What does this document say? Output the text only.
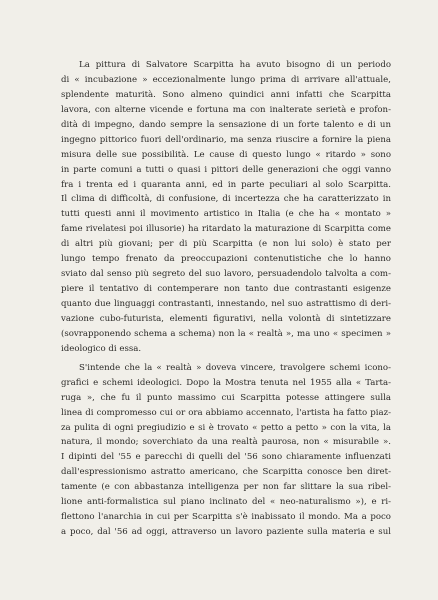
La pittura di Salvatore Scarpitta ha avuto bisogno di un periodo
di « incubazione » eccezionalmente lungo prima di arrivare all'attuale,
splendente maturità. Sono almeno quindici anni infatti che Scarpitta
lavora, con alterne vicende e fortuna ma con inalterate serietà e profon-
dità di impegno, dando sempre la sensazione di un forte talento e di un
ingegno pittorico fuori dell'ordinario, ma senza riuscire a fornire la piena
misura delle sue possibilità. Le cause di questo lungo « ritardo » sono
in parte comuni a tutti o quasi i pittori delle generazioni che oggi vanno
fra i trenta ed i quaranta anni, ed in parte peculiari al solo Scarpitta.
Il clima di difficoltà, di confusione, di incertezza che ha caratterizzato in
tutti questi anni il movimento artistico in Italia (e che ha « montato »
fame rivelatesi poi illusorie) ha ritardato la maturazione di Scarpitta come
di altri più giovani; per di più Scarpitta (e non lui solo) è stato per
lungo tempo frenato da preoccupazioni contenutistiche che lo hanno
sviato dal senso più segreto del suo lavoro, persuadendolo talvolta a com-
piere il tentativo di contemperare non tanto due contrastanti esigenze
quanto due linguaggi contrastanti, innestando, nel suo astrattismo di deri-
vazione cubo-futurista, elementi figurativi, nella volontà di sintetizzare
(sovrapponendo schema a schema) non la « realtà », ma uno « specimen »
ideologico di essa.
S'intende che la « realtà » doveva vincere, travolgere schemi icono-
grafici e schemi ideologici. Dopo la Mostra tenuta nel 1955 alla « Tarta-
ruga », che fu il punto massimo cui Scarpitta potesse attingere sulla
linea di compromesso cui or ora abbiamo accennato, l'artista ha fatto piaz-
za pulita di ogni pregiudizio e si è trovato « petto a petto » con la vita, la
natura, il mondo; soverchiato da una realtà paurosa, non « misurabile ».
I dipinti del '55 e parecchi di quelli del '56 sono chiaramente influenzati
dall'espressionismo astratto americano, che Scarpitta conosce ben diret-
tamente (e con abbastanza intelligenza per non far slittare la sua ribel-
lione anti-formalistica sul piano inclinato del « neo-naturalismo »), e ri-
flettono l'anarchia in cui per Scarpitta s'è inabissato il mondo. Ma a poco
a poco, dal '56 ad oggi, attraverso un lavoro paziente sulla materia e sul
